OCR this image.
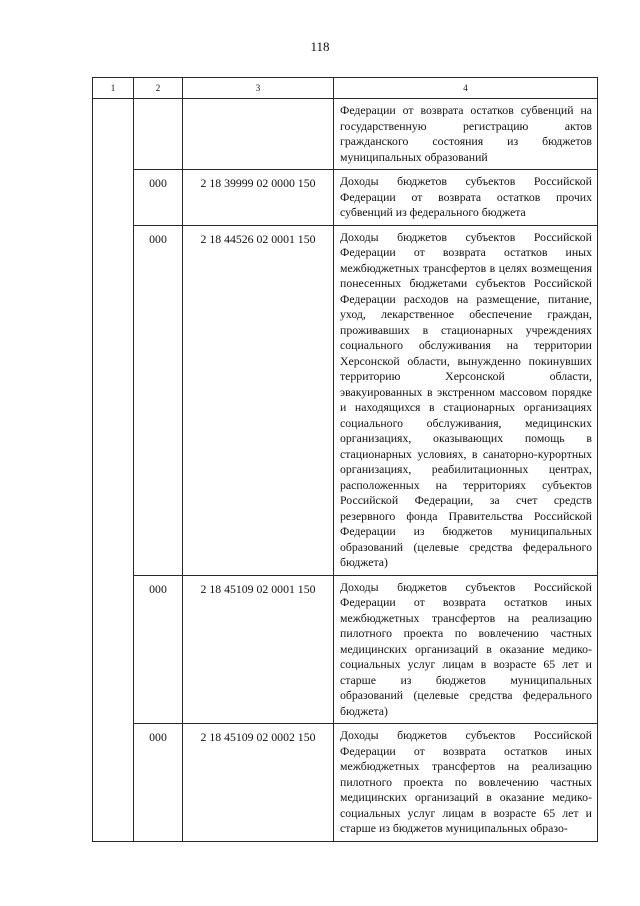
118
1	2	3	4

			Федерации от возврата остатков субвенций на государственную регистрацию актов гражданского состояния из бюджетов муниципальных образований

	000	2 18 39999 02 0000 150	Доходы бюджетов субъектов Российской Федерации от возврата остатков прочих субвенций из федерального бюджета

	000	2 18 44526 02 0001 150	Доходы бюджетов субъектов Российской Федерации от возврата остатков иных межбюджетных трансфертов в целях возмещения понесенных бюджетами субъектов Российской Федерации расходов на размещение, питание, уход, лекарственное обеспечение граждан, проживавших в стационарных учреждениях социального обслуживания на территории Херсонской области, вынужденно покинувших территорию Херсонской области, эвакуированных в экстренном массовом порядке и находящихся в стационарных организациях социального обслуживания, медицинских организациях, оказывающих помощь в стационарных условиях, в санаторно-курортных организациях, реабилитационных центрах, расположенных на территориях субъектов Российской Федерации, за счет средств резервного фонда Правительства Российской Федерации из бюджетов муниципальных образований (целевые средства федерального бюджета)

	000	2 18 45109 02 0001 150	Доходы бюджетов субъектов Российской Федерации от возврата остатков иных межбюджетных трансфертов на реализацию пилотного проекта по вовлечению частных медицинских организаций в оказание медико-социальных услуг лицам в возрасте 65 лет и старше из бюджетов муниципальных образований (целевые средства федерального бюджета)

	000	2 18 45109 02 0002 150	Доходы бюджетов субъектов Российской Федерации от возврата остатков иных межбюджетных трансфертов на реализацию пилотного проекта по вовлечению частных медицинских организаций в оказание медико-социальных услуг лицам в возрасте 65 лет и старше из бюджетов муниципальных образо-
